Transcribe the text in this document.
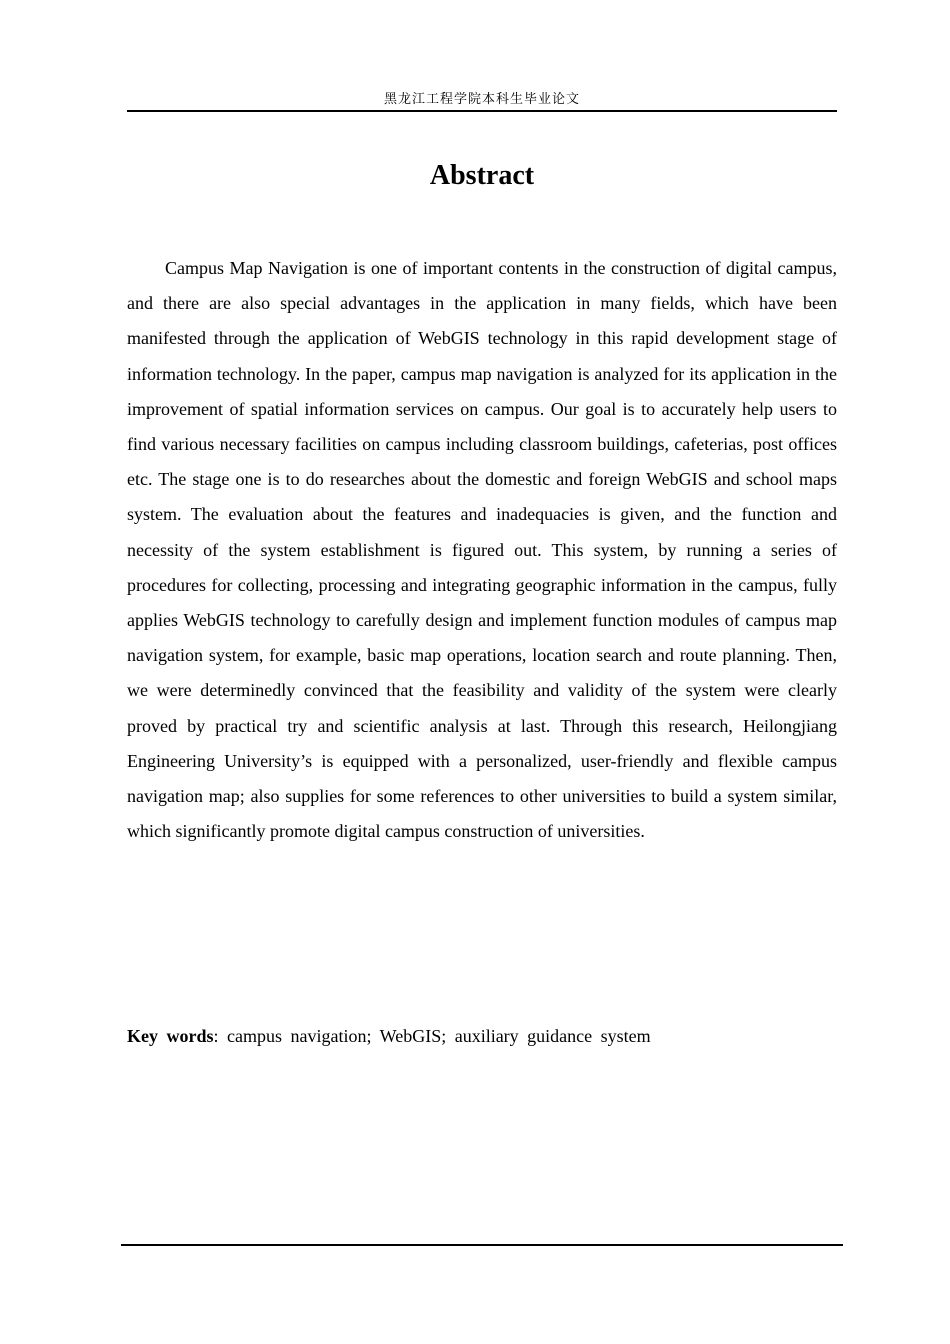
黑龙江工程学院本科生毕业论文
Abstract

Campus Map Navigation is one of important contents in the construction of digital campus, and there are also special advantages in the application in many fields, which have been manifested through the application of WebGIS technology in this rapid development stage of information technology. In the paper, campus map navigation is analyzed for its application in the improvement of spatial information services on campus. Our goal is to accurately help users to find various necessary facilities on campus including classroom buildings, cafeterias, post offices etc. The stage one is to do researches about the domestic and foreign WebGIS and school maps system. The evaluation about the features and inadequacies is given, and the function and necessity of the system establishment is figured out. This system, by running a series of procedures for collecting, processing and integrating geographic information in the campus, fully applies WebGIS technology to carefully design and implement function modules of campus map navigation system, for example, basic map operations, location search and route planning. Then, we were determinedly convinced that the feasibility and validity of the system were clearly proved by practical try and scientific analysis at last. Through this research, Heilongjiang Engineering University’s is equipped with a personalized, user-friendly and flexible campus navigation map; also supplies for some references to other universities to build a system similar, which significantly promote digital campus construction of universities.

Key words: campus navigation; WebGIS; auxiliary guidance system
